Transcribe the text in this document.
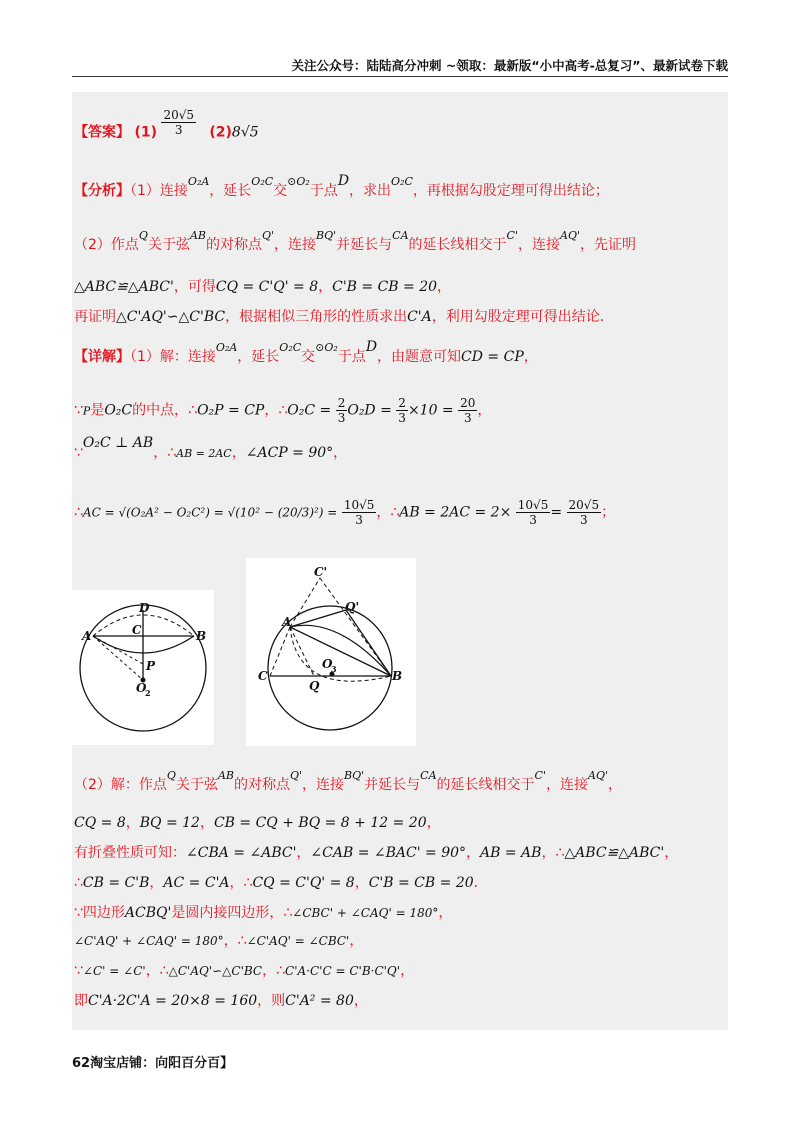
关注公众号：陆陆高分冲刺 ~领取：最新版“小中高考-总复习”、最新试卷下载
【答案】 $(1) \frac{20√5}{3} (2)8√5$
【分析】（1）连接$^{O_2A}$，延长$^{O_2C}$交$^{⊙O_2}$于点D，求出$^{O_2C}$，再根据勾股定理可得出结论；
（2）作点$^Q$关于弦$^{AB}$的对称点$^{Q'}$，连接$^{BQ'}$并延长与$^{CA}$的延长线相交于$^{C'}$，连接$^{AQ'}$，先证明
△ABC≌△ABC'，可得CQ = C'Q' = 8，C'B = CB = 20，
再证明△C'AQ'∽△C'BC，根据相似三角形的性质求出C'A，利用勾股定理可得出结论．
【详解】（1）解：连接$^{O_2A}$，延长$^{O_2C}$交$^{⊙O_2}$于点D，由题意可知CD = CP，
∵P是O₂C的中点，∴O₂P = CP，∴O₂C = $\frac{2}{3} O_2D = \frac{2}{3} \times 10 = \frac{20}{3}$ ，
∵O₂C ⊥ AB，∴AB = 2AC，∠ACP = 90°，
∴AC = $√(O_2A^2 - O_2C^2) = √(10^2 - (20/3)^2) = \frac{10√5}{3}$ ，∴AB = $2AC = 2\times \frac{10√5}{3} = \frac{20√5}{3}$ ；
D
C
A	B
P
O
2
C'
Q'
A
O
3
C
Q
B
（2）解：作点$^Q$关于弦$^{AB}$的对称点$^{Q'}$，连接$^{BQ'}$并延长与$^{CA}$的延长线相交于$^{C'}$，连接$^{AQ'}$，
CQ = 8，BQ = 12，CB = CQ + BQ = 8 + 12 = 20，
有折叠性质可知：∠CBA = ∠ABC'，∠CAB = ∠BAC' = 90°，AB = AB，∴△ABC≌△ABC'，
∴CB = C'B，AC = C'A，∴CQ = C'Q' = 8，C'B = CB = 20．
∵四边形ACBQ'是圆内接四边形，∴∠CBC' + ∠CAQ' = 180°，
∠C'AQ' + ∠CAQ' = 180°，∴∠C'AQ' = ∠CBC'，
∵∠C' = ∠C'，∴△C'AQ'∽△C'BC，∴C'A·C'C = C'B·C'Q'，
即C'A·2C'A = 20×8 = 160，则C'A² = 80，
62淘宝店铺：向阳百分百】
